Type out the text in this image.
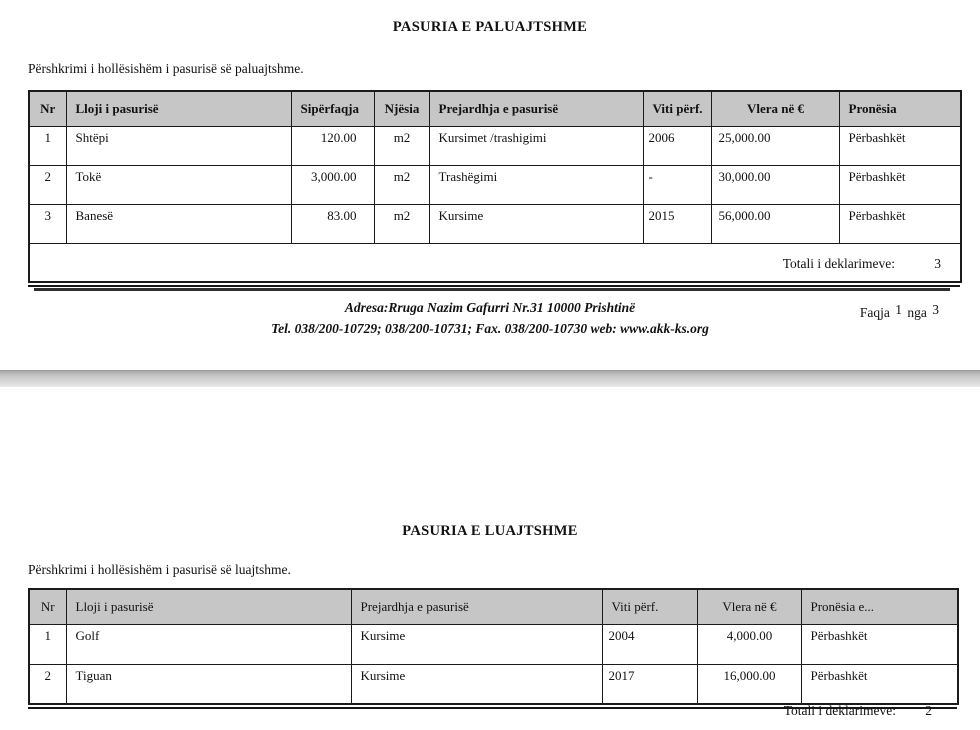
PASURIA E PALUAJTSHME

Përshkrimi i hollësishëm i pasurisë së paluajtshme.

Nr	Lloji i pasurisë	Sipërfaqja	Njësia	Prejardhja e pasurisë	Viti përf.	Vlera në €	Pronësia
1	Shtëpi	120.00	m2	Kursimet /trashigimi	2006	25,000.00	Përbashkët
2	Tokë	3,000.00	m2	Trashëgimi	-	30,000.00	Përbashkët
3	Banesë	83.00	m2	Kursime	2015	56,000.00	Përbashkët

Totali i deklarimeve:	3
Adresa:Rruga Nazim Gafurri Nr.31 10000 Prishtinë
Tel. 038/200-10729; 038/200-10731; Fax. 038/200-10730 web: www.akk-ks.org
Faqja 1 nga 3
PASURIA E LUAJTSHME

Përshkrimi i hollësishëm i pasurisë së luajtshme.

Nr	Lloji i pasurisë	Prejardhja e pasurisë	Viti përf.	Vlera në €	Pronësia e...
1	Golf	Kursime	2004	4,000.00	Përbashkët
2	Tiguan	Kursime	2017	16,000.00	Përbashkët
Totali i deklarimeve: 2
